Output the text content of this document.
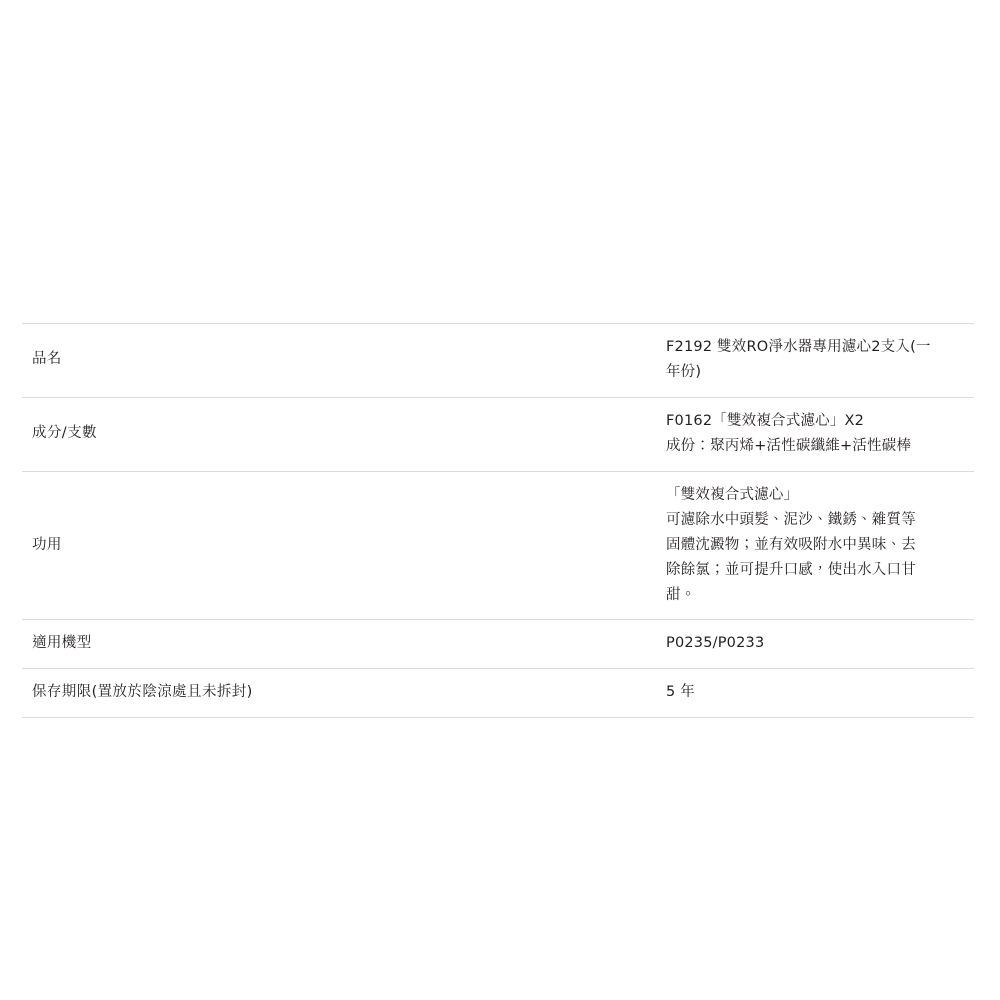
品名	F2192 雙效RO淨水器專用濾心2支入(一
年份)

成分/支數	F0162「雙效複合式濾心」X2
成份：聚丙烯+活性碳纖維+活性碳棒

功用	「雙效複合式濾心」
可濾除水中頭髮、泥沙、鐵銹、雜質等
固體沈澱物；並有效吸附水中異味、去
除餘氯；並可提升口感，使出水入口甘
甜。

適用機型	P0235/P0233

保存期限(置放於陰涼處且未拆封)	5 年
